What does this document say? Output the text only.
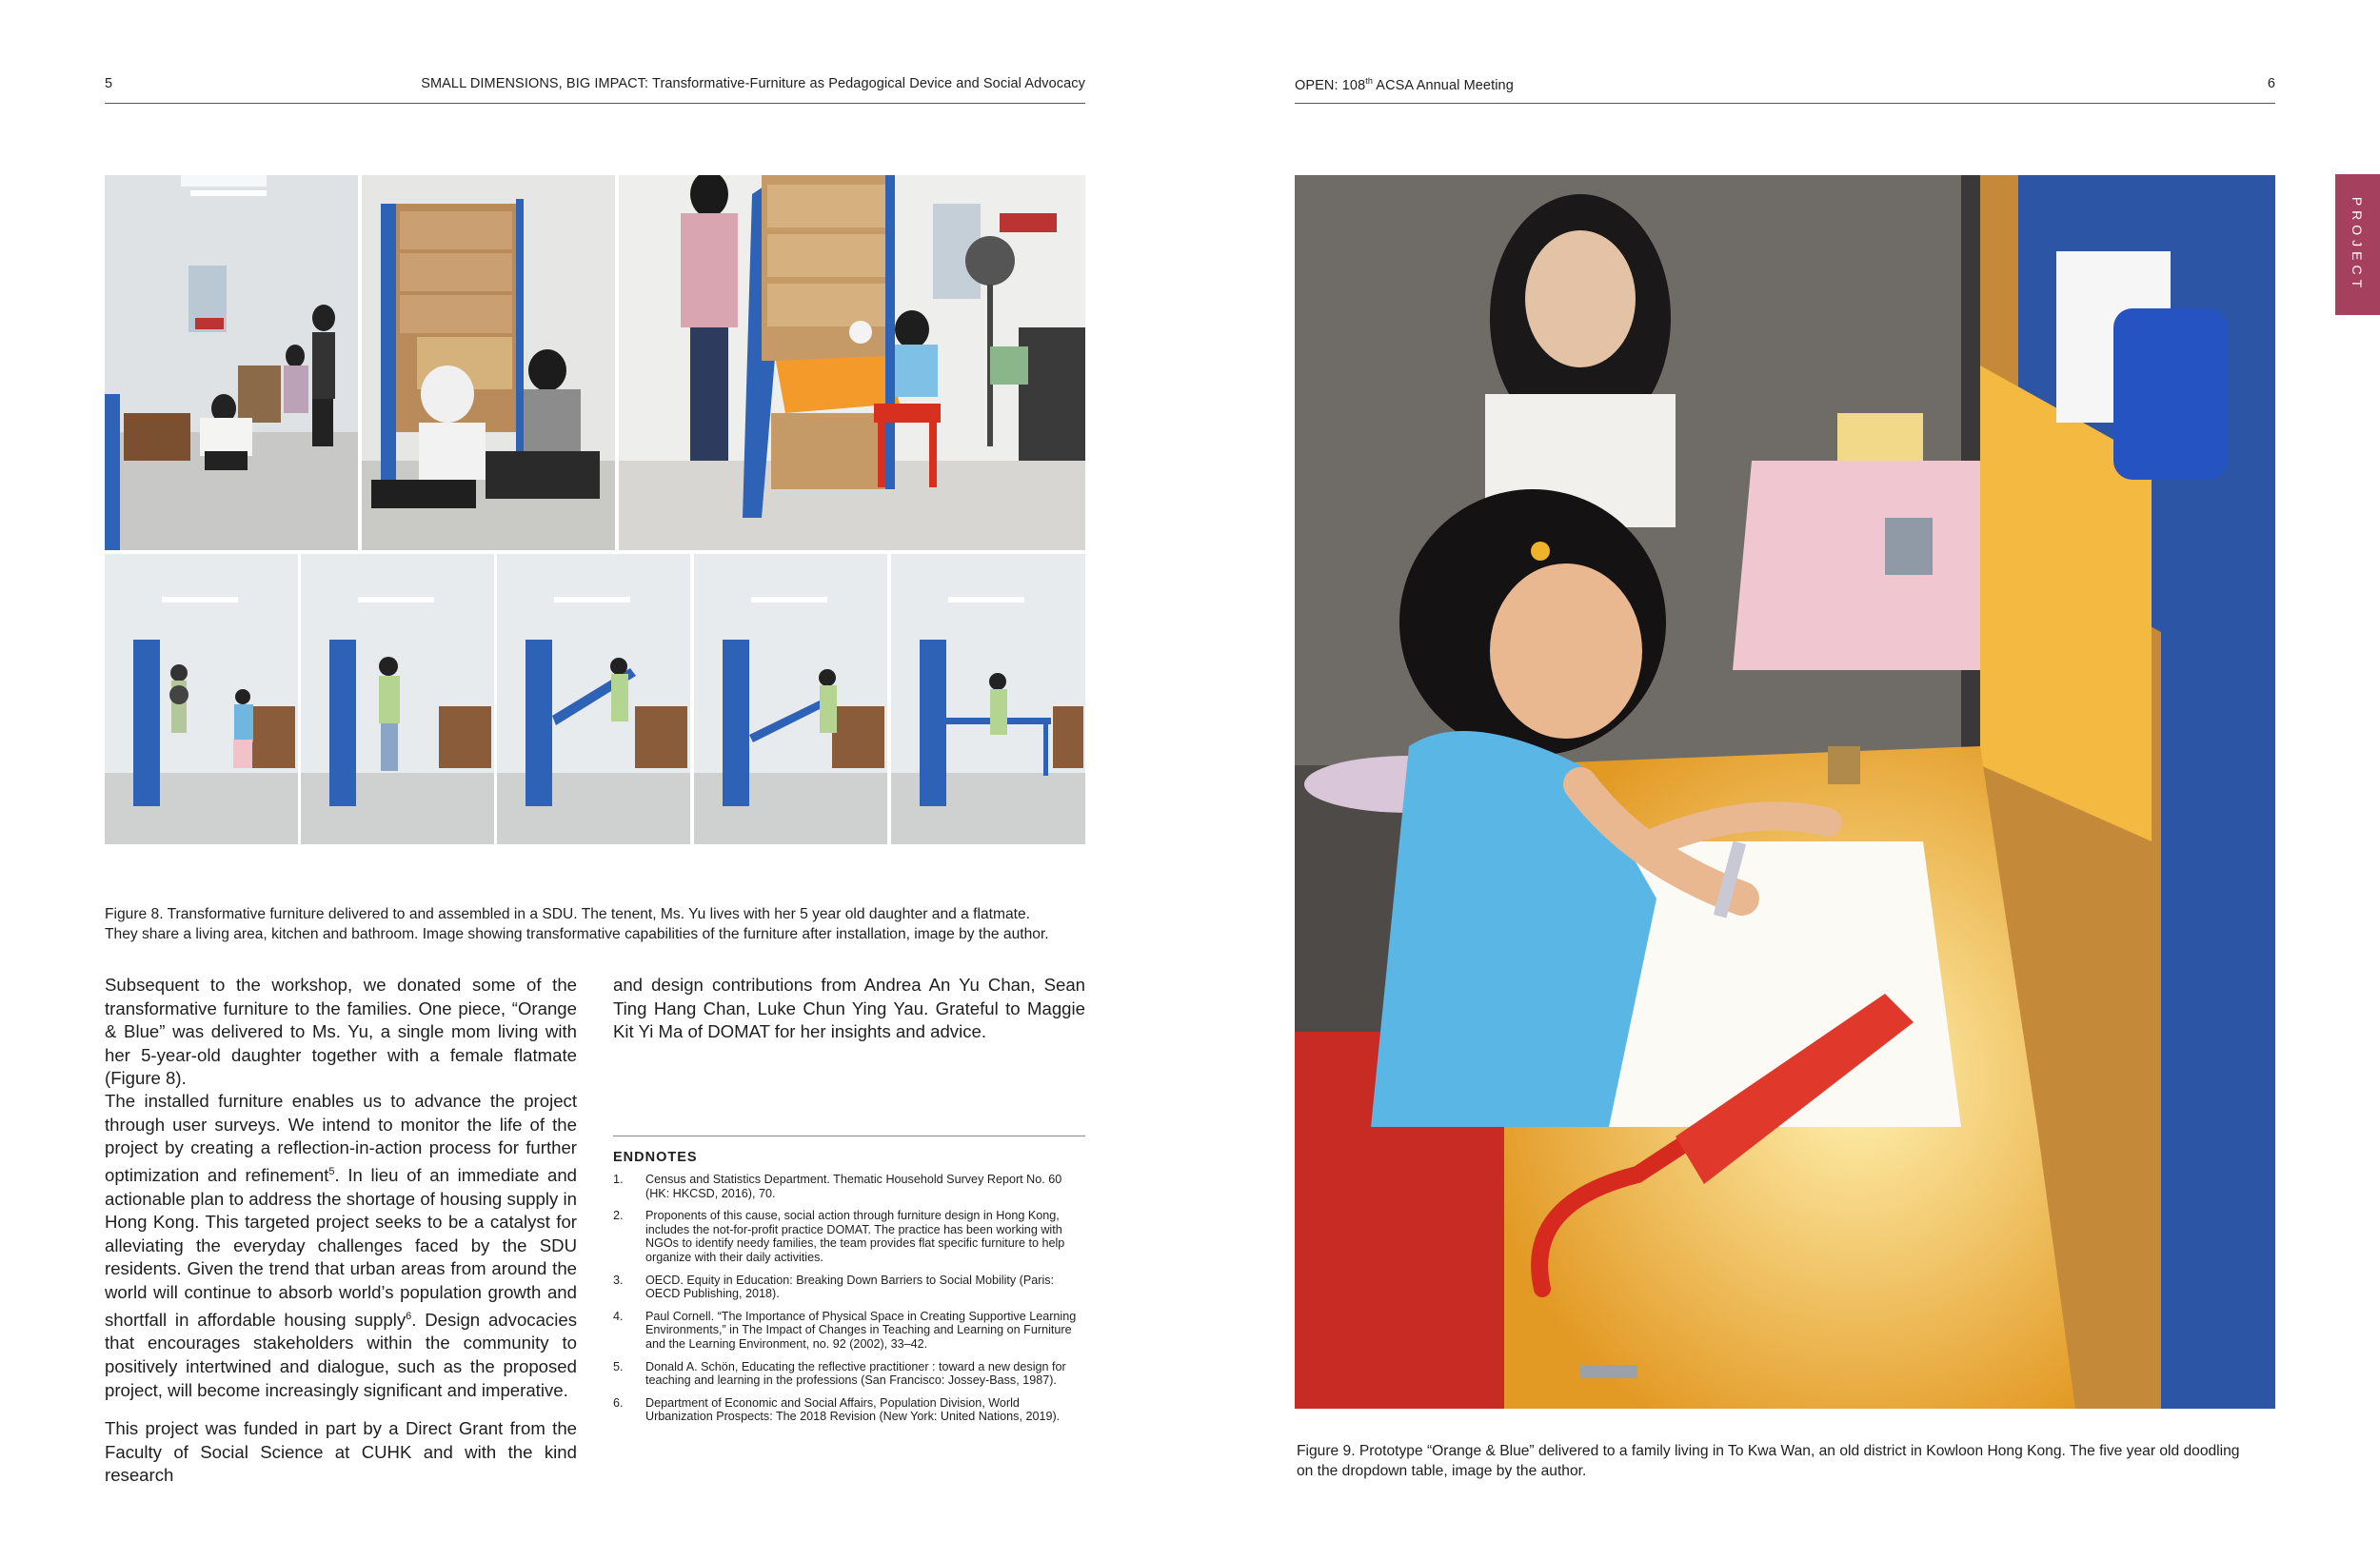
5	SMALL DIMENSIONS, BIG IMPACT: Transformative-Furniture as Pedagogical Device and Social Advocacy
Figure 8. Transformative furniture delivered to and assembled in a SDU. The tenent, Ms. Yu lives with her 5 year old daughter and a flatmate.
They share a living area, kitchen and bathroom. Image showing transformative capabilities of the furniture after installation, image by the author.

Subsequent to the workshop, we donated some of the transformative furniture to the families. One piece, “Orange & Blue” was delivered to Ms. Yu, a single mom living with her 5-year-old daughter together with a female flatmate (Figure 8).

The installed furniture enables us to advance the project through user surveys. We intend to monitor the life of the project by creating a reflection-in-action process for further optimization and refinement$^5$. In lieu of an immediate and actionable plan to address the shortage of housing supply in Hong Kong. This targeted project seeks to be a catalyst for alleviating the everyday challenges faced by the SDU residents. Given the trend that urban areas from around the world will continue to absorb world’s population growth and shortfall in affordable housing supply$^6$. Design advocacies that encourages stakeholders within the community to positively intertwined and dialogue, such as the proposed project, will become increasingly significant and imperative.

This project was funded in part by a Direct Grant from the Faculty of Social Science at CUHK and with the kind research

and design contributions from Andrea An Yu Chan, Sean Ting Hang Chan, Luke Chun Ying Yau. Grateful to Maggie Kit Yi Ma of DOMAT for her insights and advice.

ENDNOTES
1. Census and Statistics Department. Thematic Household Survey Report No. 60 (HK: HKCSD, 2016), 70.
2. Proponents of this cause, social action through furniture design in Hong Kong, includes the not-for-profit practice DOMAT. The practice has been working with NGOs to identify needy families, the team provides flat specific furniture to help organize with their daily activities.
3. OECD. Equity in Education: Breaking Down Barriers to Social Mobility (Paris: OECD Publishing, 2018).
4. Paul Cornell. “The Importance of Physical Space in Creating Supportive Learning Environments,” in The Impact of Changes in Teaching and Learning on Furniture and the Learning Environment, no. 92 (2002), 33–42.
5. Donald A. Schön, Educating the reflective practitioner : toward a new design for teaching and learning in the professions (San Francisco: Jossey-Bass, 1987).
6. Department of Economic and Social Affairs, Population Division, World Urbanization Prospects: The 2018 Revision (New York: United Nations, 2019).
OPEN: 108th ACSA Annual Meeting	6
PROJECT
Figure 9. Prototype “Orange & Blue” delivered to a family living in To Kwa Wan, an old district in Kowloon Hong Kong. The five year old doodling
on the dropdown table, image by the author.
